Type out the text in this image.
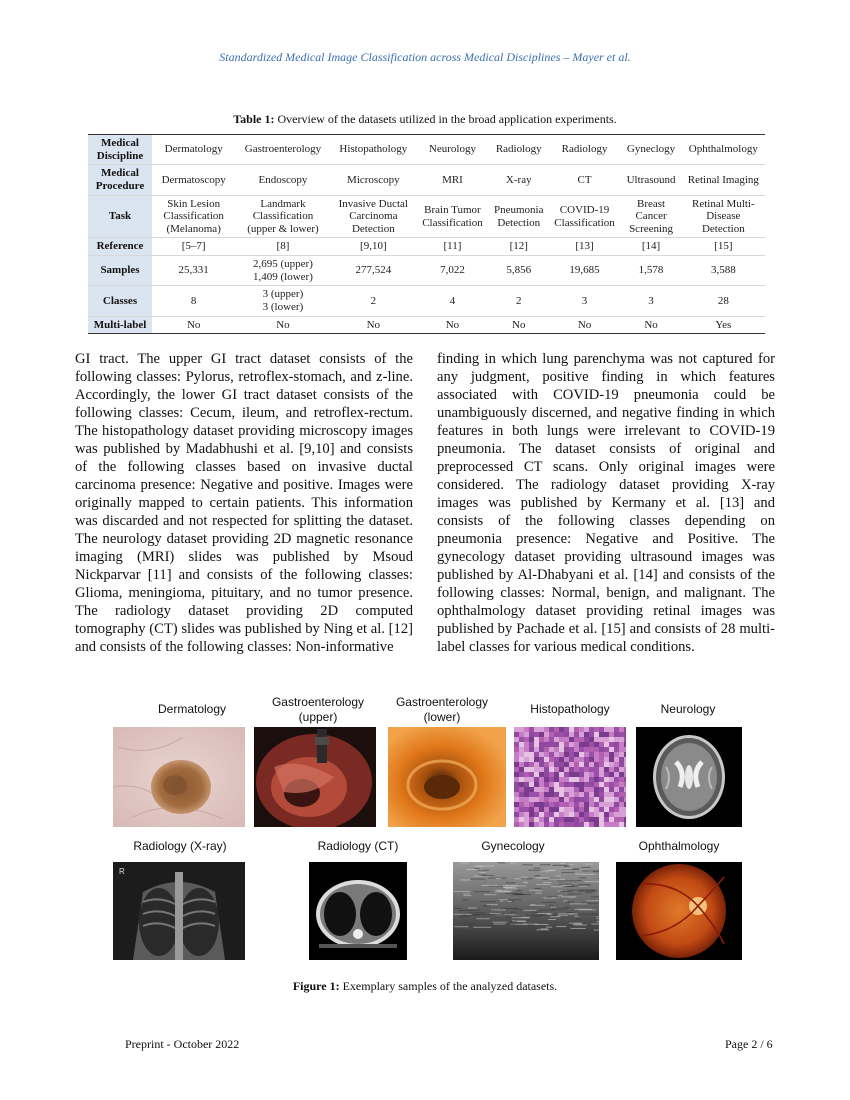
Standardized Medical Image Classification across Medical Disciplines – Mayer et al.
Table 1: Overview of the datasets utilized in the broad application experiments.
Medical Discipline	Dermatology	Gastroenterology	Histopathology	Neurology	Radiology	Radiology	Gyneclogy	Ophthalmology
Medical Procedure	Dermatoscopy	Endoscopy	Microscopy	MRI	X-ray	CT	Ultrasound	Retinal Imaging
Task	Skin Lesion Classification (Melanoma)	Landmark Classification (upper & lower)	Invasive Ductal Carcinoma Detection	Brain Tumor Classification	Pneumonia Detection	COVID-19 Classification	Breast Cancer Screening	Retinal Multi-Disease Detection
Reference	[5–7]	[8]	[9,10]	[11]	[12]	[13]	[14]	[15]
Samples	25,331	2,695 (upper)
1,409 (lower)	277,524	7,022	5,856	19,685	1,578	3,588
Classes	8	3 (upper)
3 (lower)	2	4	2	3	3	28
Multi-label	No	No	No	No	No	No	No	Yes
GI tract. The upper GI tract dataset consists of the following classes: Pylorus, retroflex-stomach, and z-line. Accordingly, the lower GI tract dataset consists of the following classes: Cecum, ileum, and retroflex-rectum. The histopathology dataset providing microscopy images was published by Madabhushi et al. [9,10] and consists of the following classes based on invasive ductal carcinoma presence: Negative and positive. Images were originally mapped to certain patients. This information was discarded and not respected for splitting the dataset. The neurology dataset providing 2D magnetic resonance imaging (MRI) slides was published by Msoud Nickparvar [11] and consists of the following classes: Glioma, meningioma, pituitary, and no tumor presence. The radiology dataset providing 2D computed tomography (CT) slides was published by Ning et al. [12] and consists of the following classes: Non-informative
finding in which lung parenchyma was not captured for any judgment, positive finding in which features associated with COVID-19 pneumonia could be unambiguously discerned, and negative finding in which features in both lungs were irrelevant to COVID-19 pneumonia. The dataset consists of original and preprocessed CT scans. Only original images were considered. The radiology dataset providing X-ray images was published by Kermany et al. [13] and consists of the following classes depending on pneumonia presence: Negative and Positive. The gynecology dataset providing ultrasound images was published by Al-Dhabyani et al. [14] and consists of the following classes: Normal, benign, and malignant. The ophthalmology dataset providing retinal images was published by Pachade et al. [15] and consists of 28 multi-label classes for various medical conditions.
Dermatology	Gastroenterology
(upper)
Gastroenterology
(lower)
Histopathology	Neurology
Radiology (X-ray)	Radiology (CT)	Gynecology	Ophthalmology
R
Figure 1: Exemplary samples of the analyzed datasets.
Preprint - October 2022	Page 2 / 6
